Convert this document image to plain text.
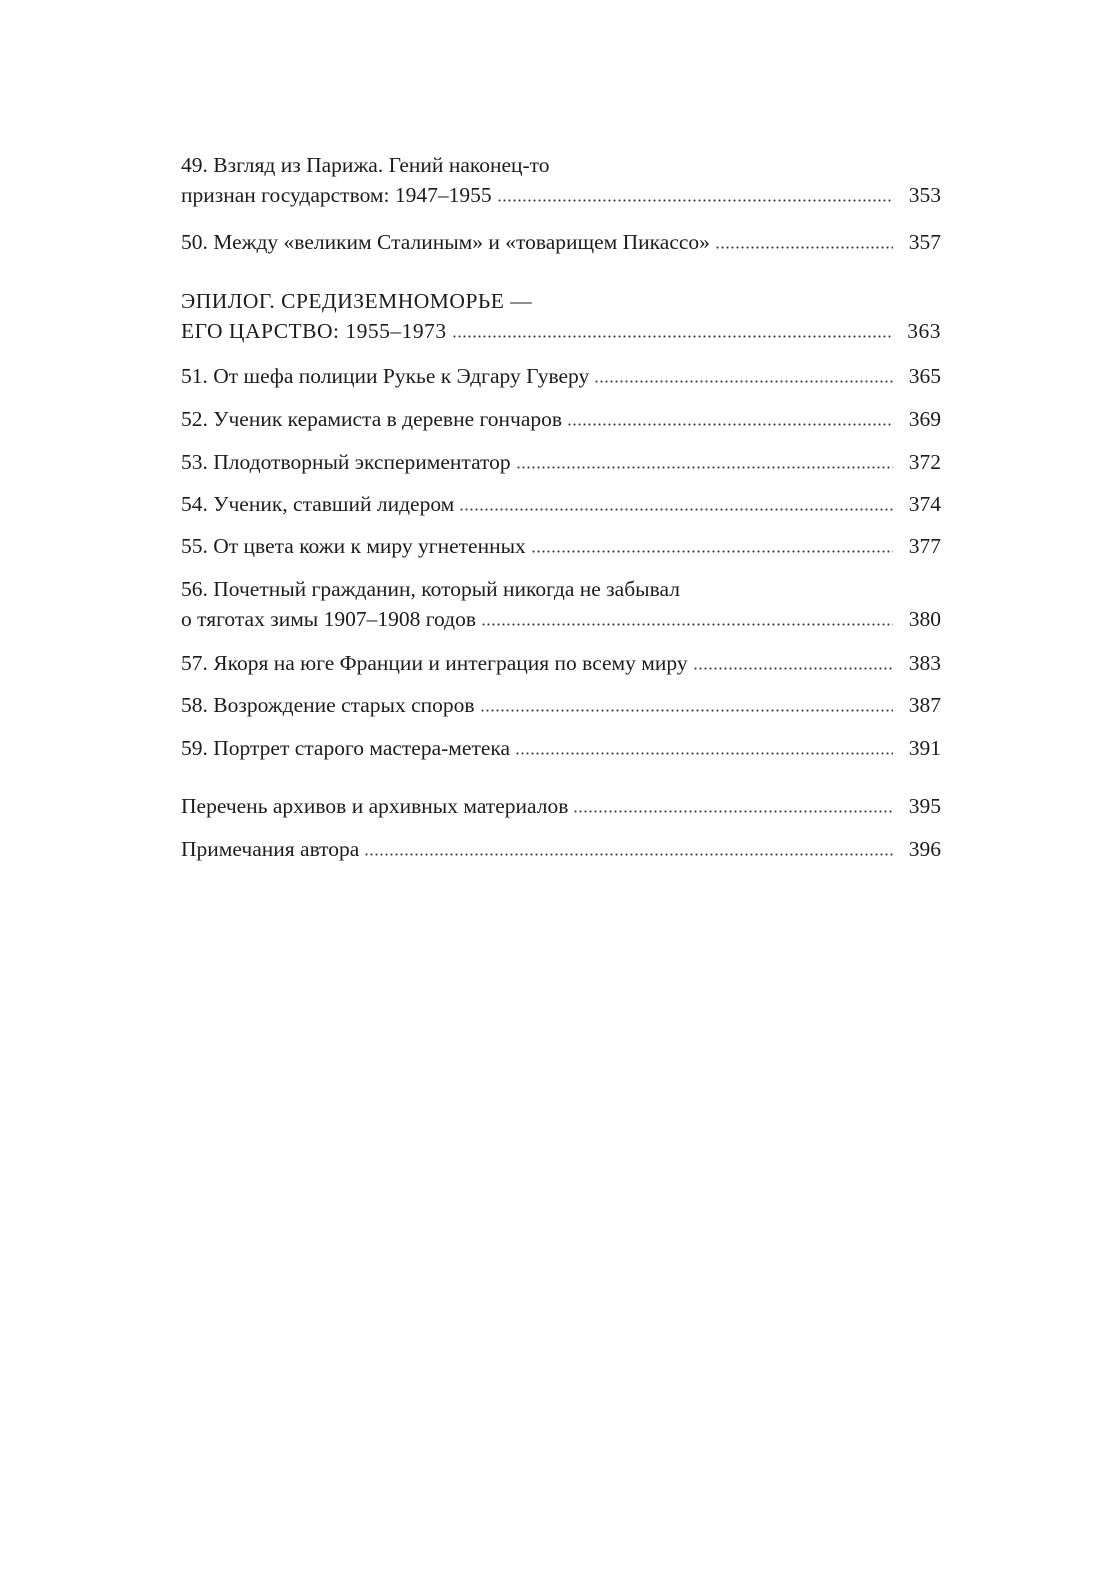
49. Взгляд из Парижа. Гений наконец-то
признан государством: 1947–1955	353
50. Между «великим Сталиным» и «товарищем Пикассо»	357
ЭПИЛОГ. СРЕДИЗЕМНОМОРЬЕ —
ЕГО ЦАРСТВО: 1955–1973	363
51. От шефа полиции Рукье к Эдгару Гуверу	365
52. Ученик керамиста в деревне гончаров	369
53. Плодотворный экспериментатор	372
54. Ученик, ставший лидером	374
55. От цвета кожи к миру угнетенных	377
56. Почетный гражданин, который никогда не забывал
о тяготах зимы 1907–1908 годов	380
57. Якоря на юге Франции и интеграция по всему миру	383
58. Возрождение старых споров	387
59. Портрет старого мастера-метека	391
Перечень архивов и архивных материалов	395
Примечания автора	396
